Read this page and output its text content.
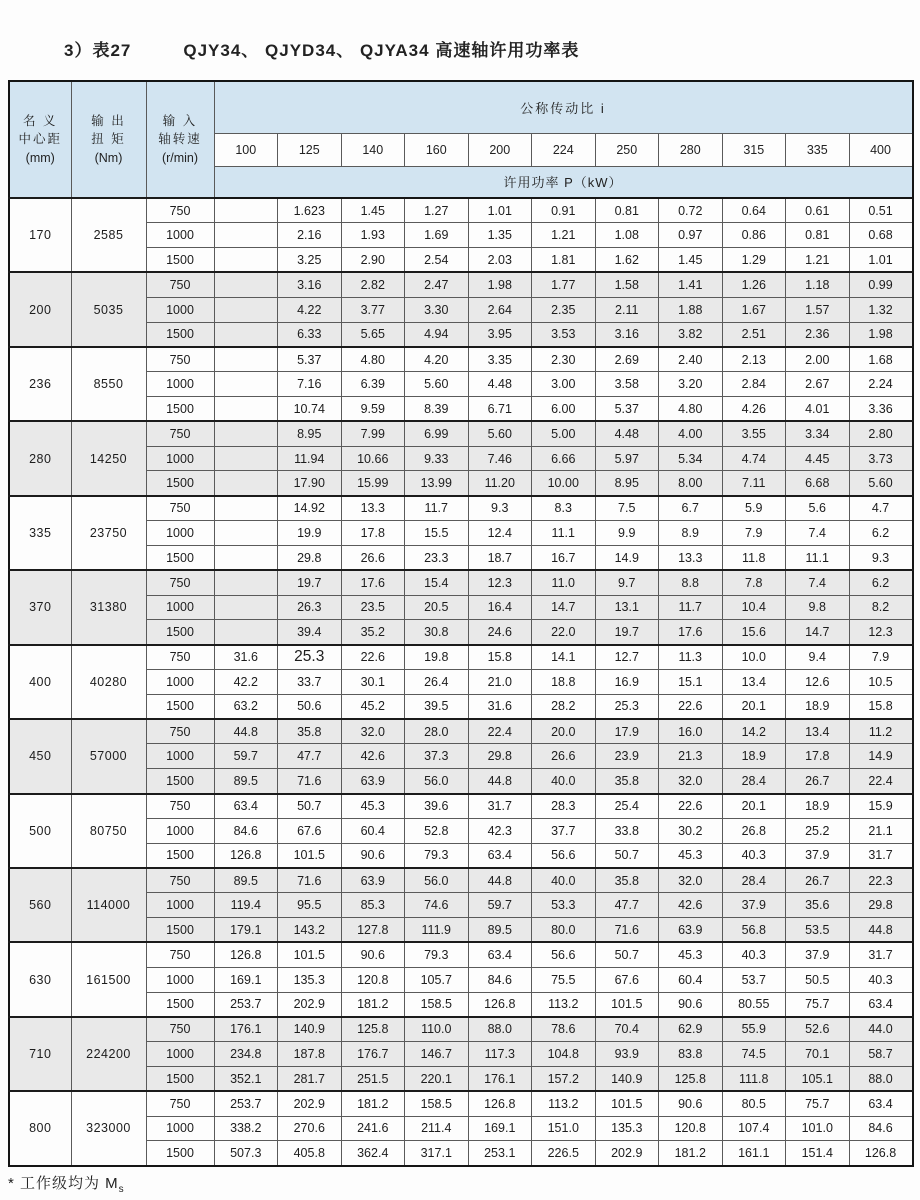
3）表27	QJY34、 QJYD34、 QJYA34 高速轴许用功率表
名 义
中心距
(mm)

输 出
扭 矩
(Nm)

输 入
轴转速
(r/min)
	公称传动比 i
			100	125	140	160	200	224	250	280	315	335	400
			许用功率 P（kW）										
170	2585	750		1.623	1.45	1.27	1.01	0.91	0.81	0.72	0.64	0.61	0.51
		1000		2.16	1.93	1.69	1.35	1.21	1.08	0.97	0.86	0.81	0.68
		1500		3.25	2.90	2.54	2.03	1.81	1.62	1.45	1.29	1.21	1.01
200	5035	750		3.16	2.82	2.47	1.98	1.77	1.58	1.41	1.26	1.18	0.99
		1000		4.22	3.77	3.30	2.64	2.35	2.11	1.88	1.67	1.57	1.32
		1500		6.33	5.65	4.94	3.95	3.53	3.16	3.82	2.51	2.36	1.98
236	8550	750		5.37	4.80	4.20	3.35	2.30	2.69	2.40	2.13	2.00	1.68
		1000		7.16	6.39	5.60	4.48	3.00	3.58	3.20	2.84	2.67	2.24
		1500		10.74	9.59	8.39	6.71	6.00	5.37	4.80	4.26	4.01	3.36
280	14250	750		8.95	7.99	6.99	5.60	5.00	4.48	4.00	3.55	3.34	2.80
		1000		11.94	10.66	9.33	7.46	6.66	5.97	5.34	4.74	4.45	3.73
		1500		17.90	15.99	13.99	11.20	10.00	8.95	8.00	7.11	6.68	5.60
335	23750	750		14.92	13.3	11.7	9.3	8.3	7.5	6.7	5.9	5.6	4.7
		1000		19.9	17.8	15.5	12.4	11.1	9.9	8.9	7.9	7.4	6.2
		1500		29.8	26.6	23.3	18.7	16.7	14.9	13.3	11.8	11.1	9.3
370	31380	750		19.7	17.6	15.4	12.3	11.0	9.7	8.8	7.8	7.4	6.2
		1000		26.3	23.5	20.5	16.4	14.7	13.1	11.7	10.4	9.8	8.2
		1500		39.4	35.2	30.8	24.6	22.0	19.7	17.6	15.6	14.7	12.3
400	40280	750	31.6	25.3	22.6	19.8	15.8	14.1	12.7	11.3	10.0	9.4	7.9
		1000	42.2	33.7	30.1	26.4	21.0	18.8	16.9	15.1	13.4	12.6	10.5
		1500	63.2	50.6	45.2	39.5	31.6	28.2	25.3	22.6	20.1	18.9	15.8
450	57000	750	44.8	35.8	32.0	28.0	22.4	20.0	17.9	16.0	14.2	13.4	11.2
		1000	59.7	47.7	42.6	37.3	29.8	26.6	23.9	21.3	18.9	17.8	14.9
		1500	89.5	71.6	63.9	56.0	44.8	40.0	35.8	32.0	28.4	26.7	22.4
500	80750	750	63.4	50.7	45.3	39.6	31.7	28.3	25.4	22.6	20.1	18.9	15.9
		1000	84.6	67.6	60.4	52.8	42.3	37.7	33.8	30.2	26.8	25.2	21.1
		1500	126.8	101.5	90.6	79.3	63.4	56.6	50.7	45.3	40.3	37.9	31.7
560	114000	750	89.5	71.6	63.9	56.0	44.8	40.0	35.8	32.0	28.4	26.7	22.3
		1000	119.4	95.5	85.3	74.6	59.7	53.3	47.7	42.6	37.9	35.6	29.8
		1500	179.1	143.2	127.8	111.9	89.5	80.0	71.6	63.9	56.8	53.5	44.8
630	161500	750	126.8	101.5	90.6	79.3	63.4	56.6	50.7	45.3	40.3	37.9	31.7
		1000	169.1	135.3	120.8	105.7	84.6	75.5	67.6	60.4	53.7	50.5	40.3
		1500	253.7	202.9	181.2	158.5	126.8	113.2	101.5	90.6	80.55	75.7	63.4
710	224200	750	176.1	140.9	125.8	110.0	88.0	78.6	70.4	62.9	55.9	52.6	44.0
		1000	234.8	187.8	176.7	146.7	117.3	104.8	93.9	83.8	74.5	70.1	58.7
		1500	352.1	281.7	251.5	220.1	176.1	157.2	140.9	125.8	111.8	105.1	88.0
800	323000	750	253.7	202.9	181.2	158.5	126.8	113.2	101.5	90.6	80.5	75.7	63.4
		1000	338.2	270.6	241.6	211.4	169.1	151.0	135.3	120.8	107.4	101.0	84.6
		1500	507.3	405.8	362.4	317.1	253.1	226.5	202.9	181.2	161.1	151.4	126.8
* 工作级均为 $M_s$
